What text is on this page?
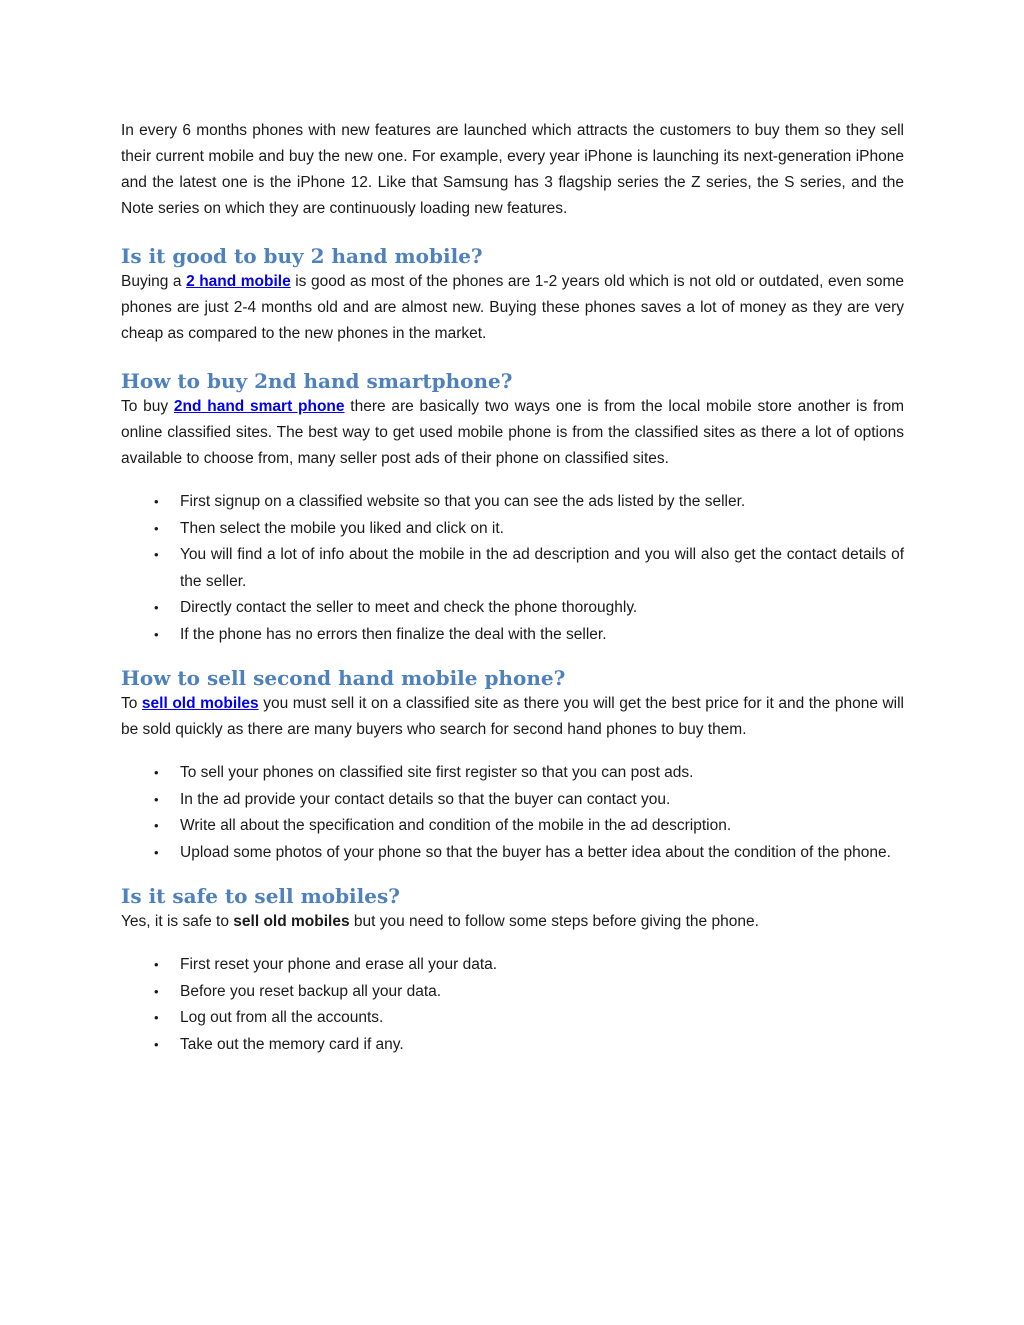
In every 6 months phones with new features are launched which attracts the customers to buy them so they sell their current mobile and buy the new one. For example, every year iPhone is launching its next-generation iPhone and the latest one is the iPhone 12. Like that Samsung has 3 flagship series the Z series, the S series, and the Note series on which they are continuously loading new features.

Is it good to buy 2 hand mobile?

Buying a 2 hand mobile is good as most of the phones are 1-2 years old which is not old or outdated, even some phones are just 2-4 months old and are almost new. Buying these phones saves a lot of money as they are very cheap as compared to the new phones in the market.

How to buy 2nd hand smartphone?

To buy 2nd hand smart phone there are basically two ways one is from the local mobile store another is from online classified sites. The best way to get used mobile phone is from the classified sites as there a lot of options available to choose from, many seller post ads of their phone on classified sites.

• First signup on a classified website so that you can see the ads listed by the seller.
• Then select the mobile you liked and click on it.
• You will find a lot of info about the mobile in the ad description and you will also get the contact details of the seller.
• Directly contact the seller to meet and check the phone thoroughly.
• If the phone has no errors then finalize the deal with the seller.
How to sell second hand mobile phone?

To sell old mobiles you must sell it on a classified site as there you will get the best price for it and the phone will be sold quickly as there are many buyers who search for second hand phones to buy them.

• To sell your phones on classified site first register so that you can post ads.
• In the ad provide your contact details so that the buyer can contact you.
• Write all about the specification and condition of the mobile in the ad description.
• Upload some photos of your phone so that the buyer has a better idea about the condition of the phone.
Is it safe to sell mobiles?

Yes, it is safe to sell old mobiles but you need to follow some steps before giving the phone.

• First reset your phone and erase all your data.
• Before you reset backup all your data.
• Log out from all the accounts.
• Take out the memory card if any.
